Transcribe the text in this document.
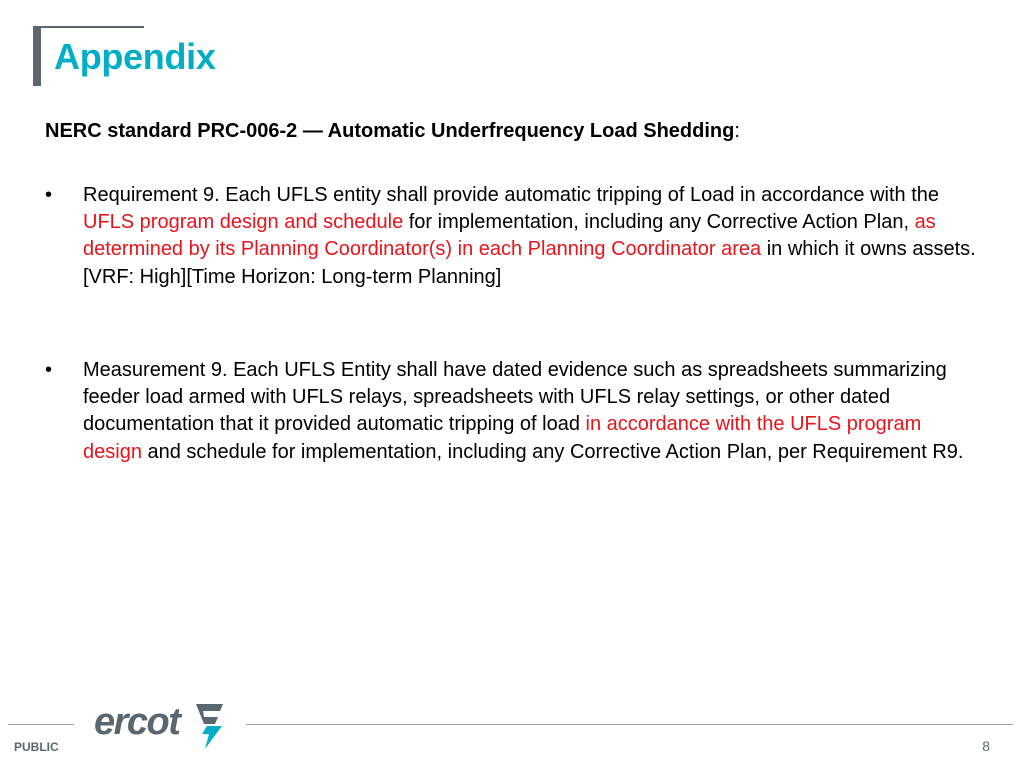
Appendix

NERC standard PRC-006-2 — Automatic Underfrequency Load Shedding:

• Requirement 9. Each UFLS entity shall provide automatic tripping of Load in accordance with the UFLS program design and schedule for implementation, including any Corrective Action Plan, as determined by its Planning Coordinator(s) in each Planning Coordinator area in which it owns assets. [VRF: High][Time Horizon: Long-term Planning]
• Measurement 9. Each UFLS Entity shall have dated evidence such as spreadsheets summarizing feeder load armed with UFLS relays, spreadsheets with UFLS relay settings, or other dated documentation that it provided automatic tripping of load in accordance with the UFLS program design and schedule for implementation, including any Corrective Action Plan, per Requirement R9.
ercot
PUBLIC	8
